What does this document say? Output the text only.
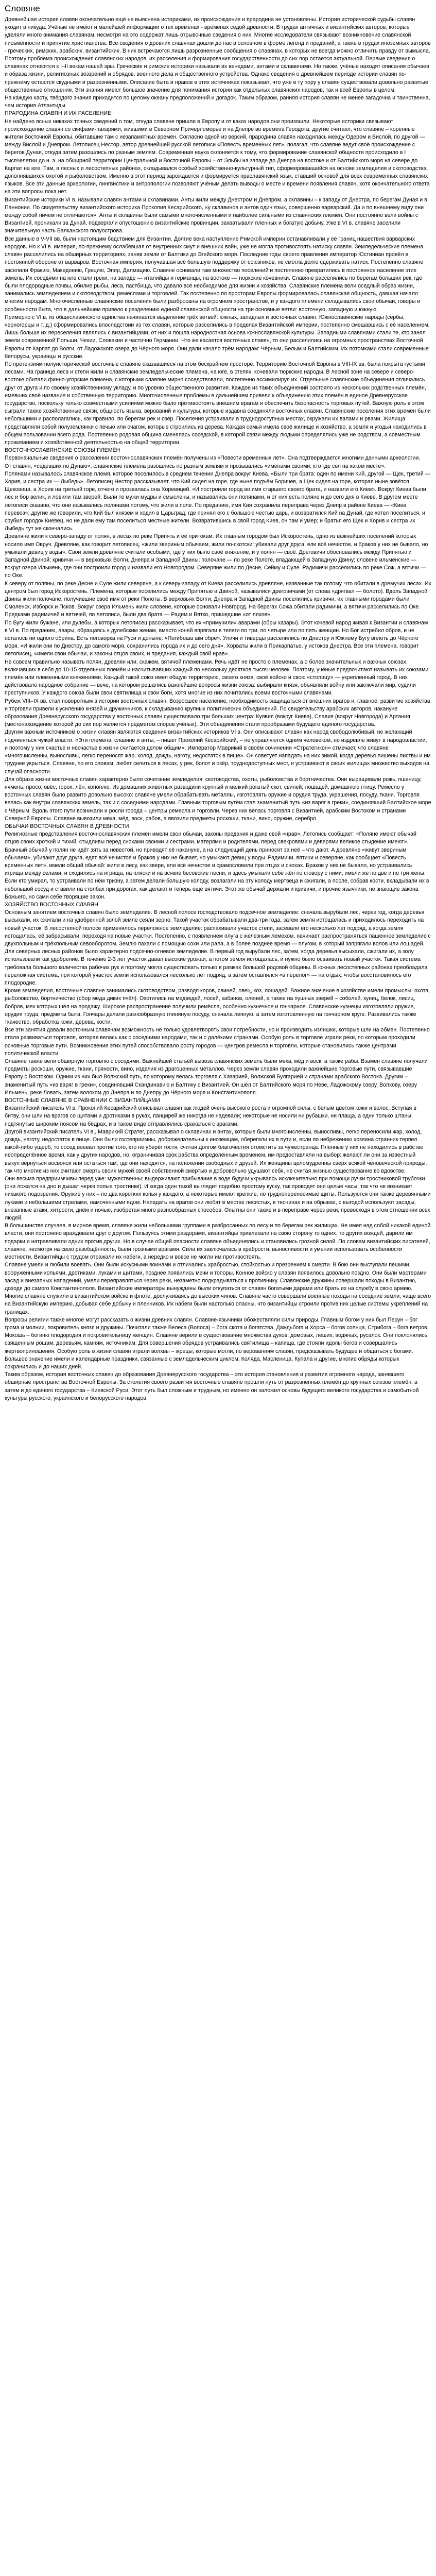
Словяне

Древнейшая история славян окончательно ещё не выяснена историками, их происхождение и прародина не установлены. История исторической судьбы славян уходит в никуда. Учёные не имеют и малейшей информации о тех временах - временах седой древности. В трудах античных и византийских авторов, которые уделяли много внимания славянам, несмотря на это содержат лишь отрывочные сведения о них. Многие исследователи связывают возникновение славянской письменности и принятие христианства. Все сведения о древних славянах дошли до нас в основном в форме легенд и преданий, а также в трудах иноземных авторов - греческих, римских, арабских, византийских. В них встречаются лишь разрозненные сообщения о славянах, в которых не всегда можно отличить правду от вымысла. Поэтому проблема происхождения славянских народов, их расселения и формирования государственности до сих пор остаётся актуальной. Первые сведения о славянах относятся к I–II векам нашей эры. Греческие и римские историки называли их венедами, антами и склавинами. Но также, учёные находят описания обычаев и образа жизни, религиозных воззрений и обрядов, военного дела и общественного устройства. Однако сведения о древнейшем периоде истории славян по-прежнему остаются скудными и разрозненными. Описание быта и нравов в этих источниках показывает, что уже в ту пору у славян существовали довольно развитые общественные отношения. Эти знания имеют большое значение для понимания истории как отдельных славянских народов, так и всей Европы в целом.

На каждую касту, твёрдого знания приходится по целому океану предположений и догадок. Таким образом, ранняя история славян не менее загадочна и таинственна, чем история Атлантиды.

ПРАРОДИНА СЛАВЯН И ИХ РАСЕЛЕНИЕ

Не найдено ясных никаких точных сведений о том, откуда славяне пришли в Европу и от каких народов они произошли. Некоторые историки связывают происхождение славян со скифами-пахарями, жившими в Северном Причерноморье и на Днепре во времена Геродота; другие считают, что славяне – коренные жители Восточной Европы, обитавшие там с незапамятных времён. Согласно одной из версий, прародина славян находилась между Одером и Вислой, по другой — между Вислой и Днепром. Летописец Нестор, автор древнейшей русской летописи «Повесть временных лет», полагал, что славяне ведут своё происхождение с берегов Дуная, откуда затем разошлись по разным землям. Современная наука склоняется к тому, что формирование славянской общности происходило в I тысячелетии до н. э. на обширной территории Центральной и Восточной Европы – от Эльбы на западе до Днепра на востоке и от Балтийского моря на севере до Карпат на юге. Там, в лесных и лесостепных районах, складывался особый хозяйственно-культурный тип, сформировавшийся на основе земледелия и скотоводства, дополнявшихся охотой и рыболовством. Именно в этот период зарождается и формируется праславянский язык, ставший основой для всех современных славянских языков. Все эти данные археологии, лингвистики и антропологии позволяют учёным делать выводы о месте и времени появления славян, хотя окончательного ответа на эти вопросы пока нет.

Византийские историки VI в. называли славян антами и склавинами. Анты жили между Днестром и Днепром, а склавины – к западу от Днестра, по берегам Дуная и в Паннонии. По свидетельству византийского историка Прокопия Кесарийского, «у склавинов и антов один язык, совершенно варварский. Да и по внешнему виду они между собой ничем не отличаются». Анты и склавины были самыми многочисленными и наиболее сильными из славянских племён. Они постоянно вели войны с Византией, проникали за Дунай, подвергали опустошению византийские провинции, захватывали пленных и богатую добычу. Уже в VI в. славяне заселили значительную часть Балканского полуострова.

Все данные в V-VII вв. были настоящим бедствием для Византии. Долгие века наступление Римской империи останавливали у её границ нашествия варварских народов. Но к VI в. империя, по-прежнему ослабевшая от внутренних смут и внешних войн, уже не могла противостоять натиску славян. Земледельческие племена славян расселились на обширных территориях, заняв земли от Балтики до Эгейского моря. Последние годы своего правления император Юстиниан провёл в постоянной обороне от варваров. Восточная империя, получавшая всё большую поддержку от союзников, не смогла долго сдерживать натиск. Постепенно славяне заселили Фракию, Македонию, Грецию, Эпир, Далмацию. Славяне основали там множество поселений и постепенно превратились в постоянное население этих земель. Их соседями на юге стали греки, на западе — италийцы и германцы, на востоке — тюркские кочевники. Славяне расселялись по берегам больших рек, где были плодородные почвы, обилие рыбы, леса, пастбища, что давало всё необходимое для жизни и хозяйства. Славянские племена вели оседлый образ жизни, занимались земледелием и скотоводством, ремёслами и торговлей. Так постепенно по просторам Европы формировалась славянская общность, давшая начало многим народам. Многочисленные славянские поселения были разбросаны на огромном пространстве, и у каждого племени складывались свои обычаи, говоры и особенности быта, что в дальнейшем привело к разделению единой славянской общности на три основные ветви: восточную, западную и южную.

Примерно с VI в. из общеславянского единства начинается выделение трёх ветвей: южных, западных и восточных славян. Южнославянские народы (сербы, черногорцы и т. д.) сформировались впоследствии из тех славян, которые расселились в пределах Византийской империи, постепенно смешавшись с её населением. Лишь больше их переселения являлись с византийцами, от них и пошла народностная основа южнославянской культуры. Западными славянами стали те, кто занял земли современной Польши, Чехии, Словакии и частично Германии. Что же касается восточных славян, то они расселились на огромных пространствах Восточной Европы от Карпат до Волги, от Ладожского озера до Чёрного моря. Они дали начало трём народам: Чёрным, Белым и Балтийским. Их потомками стали современные белорусы, украинцы и русские.

По претензиям полуисторической восточные славяне оказавшиеся на этом бескрайнем просторе. Территорию Восточной Европы в VIII-IX вв. была покрыта густыми лесами. На границе леса и степи жили и славянские земледельческие племена, на юге, в степях, кочевали тюркские народы. В лесной зоне на севере и северо-востоке обитали финно-угорские племена, с которыми славяне мирно соседствовали, постепенно ассимилируя их. Отдельные славянские объединения отличались друг от друга и по своему хозяйственному укладу, и по уровню общественного развития. Каждое из таких объединений состояло из нескольких родственных племён, имевших своё название и собственную территорию. Многочисленные проблемы в дальнейшем привели к объединению этих племён в единое Древнерусское государство, поскольку только совместными усилиями можно было противостоять внешним врагам и обеспечить безопасность торговых путей. Важную роль в этом сыграли также хозяйственные связи, общность языка, верований и культуры, которые издавна соединяли восточных славян. Славянские поселения этих времён были небольшими и располагались, как правило, по берегам рек и озёр. Поселения устраивали в труднодоступных местах, окружали их валами и рвами. Жилища представляли собой полуземлянки с печью или очагом, которые строились из дерева. Каждая семья имела своё жилище и хозяйство, а земля и угодья находились в общем пользовании всего рода. Постепенно родовая община сменялась соседской, в которой связи между людьми определялись уже не родством, а совместным проживанием и хозяйственной деятельностью на общей территории.

ВОСТОЧНОСЛАВЯНСКИЕ СОЮЗЫ ПЛЕМЁН

Первоначальные сведения о расселении восточнославянских племён получены из «Повести временных лет». Она подтверждается многими данными археологии.

От славян, «седевших по Дунаю», славянские племена разошлись по разным землям и прозывались «именами своими, кто где сел на каком месте».

Полянами называлось славянское племя, которое поселилось в среднем течении Днепра вокруг Киева. «Были три брата: один по имени Кий, другой — Щек, третий — Хорив, и сестра их — Лыбедь». Летописец Нестор рассказывает, что Кий сидел на горе, где ныне подъём Боричев, а Щек сидел на горе, которая ныне зовётся Щековица, а Хорив на третьей горе, отчего и прозвалась она Хоревицей. «И построили город во имя старшего своего брата, и назвали его Киев». Вокруг Киева были лес и бор велик, и ловили там зверей. Были те мужи мудры и смыслены, и назывались они полянами, и от них есть поляне и до сего дня в Киеве. В другом месте летописи сказано, что они назывались полянами потому, что жили в поле. По преданию, имя Кия сохранила переправа через Днепр в районе Киева — «Киев перевоз»; другие же говорили, что Кий был князем и ходил в Царьград, где принял его с большою честью царь, и возвратился Кий на Дунай, где хотел поселиться, и срубил городок Киевец, но не дали ему там поселиться местные жители. Возвратившись в свой город Киев, он там и умер; и братья его Щек и Хорив и сестра их Лыбедь тут же скончались.

Древляне жили к северо-западу от полян, в лесах по реке Припять и её притокам. Их главным городом был Искоростень, одно из важнейших поселений которых носило имя Овруч. Древляне, как говорит летописец, «жили звериным обычаем, жили по-скотски: убивали друг друга, ели всё нечистое, и браков у них не бывало, но умыкали девиц у воды». Свои земли древляне считали особыми, где у них было своё княжение, и у полян — своё. Дреговичи обосновались между Припятью и Западной Двиной; кривичи — в верховьях Волги, Днепра и Западной Двины; полочане — по реке Полоте, впадающей в Западную Двину; словене ильменские — вокруг озера Ильмень, где они построили город и назвали его Новгородом. Северяне жили по Десне, Сейму и Суле. Радимичи расселились по реке Сож, а вятичи — по Оке.

К северу от поляны, по реке Десне и Суле жили северяне, а к северу-западу от Киева расселились древляне, названные так потому, что обитали в дремучих лесах. Их центром был город Искоростень. Племена, которые поселились между Припятью и Двиной, называлися дреговичами (от слова «дрягва» — болото). Вдоль Западной Двины жили полочане, получившие своё имя от реки Полоты. В верховьях Волги, Днепра и Западной Двины поселились кривичи, их главными городами были Смоленск, Изборск и Псков. Вокруг озера Ильмень жили словене, которые основали Новгород. На берегах Сожа обитали радимичи, а вятичи расселились по Оке. Предками радимичей и вятичей, по летописи, были два брата — Радим и Вятко, пришедшие «от ляхов».

По Бугу жили бужане, или дулебы, а которых летописец рассказывает, что их «примучили» аварами (обры хазары). Этот кочевой народ живая к Византии и славянам в VI в. По преданию, авары, обращаясь к дулебским женам, вместо коней впрягали в телеги по три, по четыре или по пять женщин. Но Бог истребил обров, и не осталось ни одного обрина. Есть поговорка на Руси и доныне: «Погибоша аки обре». Уличи и тиверцы расселились по Днестру и Южному Бугу вплоть до Чёрного моря. «И жили они по Днестру, до самого моря, сохранились города их и до сего дня». Хорваты жили в Прикарпатье, у истоков Днестра. Все эти племена, говорит летописец, «имели свои обычаи, и законы отцов своих, и предания, каждый свой нрав».

Не совсем правильно называть полян, древлян или, скажем, вятичей племенами. Речь идёт не просто о племенах, а о более значительных и важных союзах, включавших в себя до 10-15 отдельных племён и насчитывавших каждый по нескольку десятков тысяч человек. Поэтому, учёные предпочитают называть их союзами племён или племенными княжениями. Каждый такой союз имел общую территорию, своего князя, своё войско и свою «столицу» — укреплённый город. В них действовало народное собрание — вече, на котором решались важнейшие вопросы жизни союза: выбирали князя, объявляли войну или заключали мир, судили преступников. У каждого союза были свои святилища и свои боги, хотя многие из них почитались всеми восточными славянами.

Рубеж VIII–IX вв. стал поворотным в истории восточных славян. Возросшее население, необходимость защищаться от внешних врагов и, главное, развитие хозяйства и торговли привели к усилению князей и дружинников, к складыванию крупных политических объединений. По свидетельству арабских авторов, накануне образования Древнерусского государства у восточных славян существовало три больших центра: Куявия (вокруг Киева), Славия (вокруг Новгорода) и Артания (местонахождение которой до сих пор является предметом споров учёных). Эти объединения стали прообразами будущего единого государства.

Другим важным источником о жизни славян являются сведения византийских историков VI в. Они описывают славян как народ свободолюбивый, не желающий подчиняться чужой власти. «Эти племена, славяне и анты, – пишет Прокопий Кесарийский, – не управляются одним человеком, но издревле живут в народовластии, и поэтому у них счастье и несчастье в жизни считается делом общим». Император Маврикий в своём сочинении «Стратегикон» отмечает, что славяне «многочисленны, выносливы, легко переносят жар, холод, дождь, наготу, недостаток в пище». Он советует нападать на них зимой, когда деревья лишены листвы и им труднее укрыться. Славяне, по его словам, любят селиться в лесах, у рек, болот и озёр, труднодоступных мест, и устраивают в своих жилищах множество выходов на случай опасности.

Для образа жизни восточных славян характерно было сочетание земледелия, скотоводства, охоты, рыболовства и бортничества. Они выращивали рожь, пшеницу, ячмень, просо, овёс, горох, лён, коноплю. Из домашних животных разводили крупный и мелкий рогатый скот, свиней, лошадей, домашнюю птицу. Ремесло у восточных славян было развито довольно высоко: славяне умели обрабатывать металлы, изготовлять оружие и орудия труда, украшения, посуду, ткани. Торговля велась как внутри славянских земель, так и с соседними народами. Главным торговым путём стал знаменитый путь «из варяг в греки», соединявший Балтийское море с Чёрным. Вдоль этого пути возникали и росли города – центры ремесла и торговли. Через них велась торговля с Византией, арабским Востоком и странами Северной Европы. Славяне вывозили меха, мёд, воск, рабов, а ввозили предметы роскоши, ткани, вино, оружие, серебро.

ОБЫЧАИ ВОСТОЧНЫХ СЛАВЯН В ДРЕВНОСТИ

Религиозные представления восточнославянских племён имели свои обычаи, законы предания и даже свой «нрав». Летопись сообщает: «Поляне имеют обычай отцов своих кроткий и тихий, стыдливы перед снохами своими и сестрами, матерями и родителями, перед свекровями и деверями великое стыдение имеют». Брачный обычай у полян не идёт зять за невестой, но приводят её накануне, а на следующий день приносят за неё – что дают. А древляне «живут звериным обычаем», убивают друг друга, едят всё нечистое и браков у них не бывает, но умыкают девиц у воды. Радимичи, вятичи и северяне, как сообщает «Повесть временных лет», имели общий обычай: жили в лесу, как звери, ели всё нечистое и срамословили при отцах и снохах. Браков у них не бывало, но устраивались игрища между селами, и сходились на игрища, на пляски и на всякие бесовские песни, и здесь умыкали себе жён по сговору с ними; имели же по две и по три жены. Если кто умирал, то устраивали по нём тризну, а затем делали большую колоду, возлагали на эту колоду мертвеца и сжигали, а после, собрав кости, вкладывали их в небольшой сосуд и ставили на столбах при дорогах, как делают и теперь ещё вятичи. Этот же обычай держали и кривичи, и прочие язычники, не знающие закона Божьего, но сами себе творящие закон.

ХОЗЯЙСТВО ВОСТОЧНЫХ СЛАВЯН

Основным занятием восточных славян было земледелие. В лесной полосе господствовало подсечное земледелие: сначала вырубали лес, через год, когда деревья высыхали, их сжигали и на удобренной золой земле сеяли зерно. Такой участок обрабатывали два-три года, затем земля истощалась и приходилось переходить на новый участок. В лесостепной полосе применялось переложное земледелие: распахивали участок степи, засевали его несколько лет подряд, а когда земля истощалась, её забрасывали, переходя на новые участки. Постепенно, с появлением плуга с железным лемехом, начинает распространяться пашенное земледелие с двухпольным и трёхпольным севооборотом. Землю пахали с помощью сохи или рала, а в более позднее время — плугом, в который запрягали волов или лошадей.

Для северных лесных районов было характерно подсечно-огневое земледелие. В первый год вырубали лес, затем, когда деревья высыхали, сжигали их, а золу использовали как удобрение. В течение 2-3 лет участок давал высокие урожаи, а потом земля истощалась, и нужно было осваивать новый участок. Такая система требовала большого количества рабочих рук и поэтому могла существовать только в рамках большой родовой общины. В южных лесостепных районах преобладала переложная система, при которой участок земли использовался несколько лет подряд, а затем оставлялся «в перелог» — на отдых, чтобы восстановилось его плодородие.

Кроме земледелия, восточные славяне занимались скотоводством, разводя коров, свиней, овец, коз, лошадей. Важное значение в хозяйстве имели промыслы: охота, рыболовство, бортничество (сбор мёда диких пчёл). Охотились на медведей, лосей, кабанов, оленей, а также на пушных зверей – соболей, куниц, белок, лисиц, бобров, мех которых шёл на продажу. Широкое распространение получили ремёсла, особенно кузнечное и гончарное. Славянские кузнецы изготовляли оружие, орудия труда, предметы быта. Гончары делали разнообразную глиняную посуду, сначала лепную, а затем изготовленную на гончарном круге. Развивались также ткачество, обработка кожи, дерева, кости.

Все эти занятия давали восточным славянам возможность не только удовлетворять свои потребности, но и производить излишки, которые шли на обмен. Постепенно стала развиваться торговля, которая велась как с соседними народами, так и с далёкими странами. Особую роль в торговле играли реки, по которым проходили основные торговые пути. Возникновение этих путей способствовало росту городов — центров ремесла и торговли, которые становились также центрами политической власти.

Славяне также вели обширную торговлю с соседями. Важнейшей статьёй вывоза славянских земель были меха, мёд и воск, а также рабы. Взамен славяне получали предметы роскоши, оружие, ткани, пряности, вино, изделия из драгоценных металлов. Через земли славян проходили важнейшие торговые пути, связывавшие Европу с Востоком. Одним из них был Волжский путь, по которому велась торговля с Хазарией, Волжской Булгарией и странами арабского Востока. Другим – знаменитый путь «из варяг в греки», соединявший Скандинавию и Балтику с Византией. Он шёл от Балтийского моря по Неве, Ладожскому озеру, Волхову, озеру Ильмень, реке Ловать, затем волоком до Днепра и по Днепру до Чёрного моря и Константинополя.

ВОСТОЧНЫЕ СЛАВЯНЕ В СРАВНЕНИИ С ВИЗАНТИЙЦАМИ

Византийский писатель VI в. Прокопий Кесарийский описывал славян как людей очень высокого роста и огромной силы, с белым цветом кожи и волос. Вступая в битву, они шли на врагов со щитами и дротиками в руках, панцирей же никогда не надевали; некоторые не носили ни рубашки, ни плаща, а одни только штаны, подтянутые широким поясом на бёдрах, и в таком виде отправлялись сражаться с врагами.

Другой византийский писатель VI в., Маврикий Стратег, рассказывал о склавинах и антах, которые были многочисленны, выносливы, легко переносили жар, холод, дождь, наготу, недостаток в пище. Они были гостеприимны, доброжелательны к иноземцам, оберегали их в пути и, если по небрежению хозяина странник терпел какой-либо ущерб, то сосед воевал против того, кто не уберёг гостя, считая долгом благочестия отомстить за чужестранца. Пленные у них не находились в рабстве неопределённое время, как у других народов, но, ограничивая срок рабства определённым временем, им предоставляли на выбор: желают ли они за известный выкуп вернуться восвояси или остаться там, где они находятся, на положении свободных и друзей. Их женщины целомудренны сверх всякой человеческой природы, так что многие из них считают смерть своих мужей своей собственной смертью и добровольно удушают себя, не считая жизнью существование во вдовстве.

Они весьма предприимчивы перед уже: мужественны: выдерживают прибывание в воде будучи укрываясь исключительно при помощи ручки тростниковой трубочки (они ложатся на дно и дышат через полые тростинки). И когда один такой выглядит подобно простому куску, так проводят они целые часы, так что не возникает никакого подозрения. Оружие у них – по два коротких копья у каждого, а некоторые имеют крепкие, но труднопереносимые щиты. Пользуются они также деревянными луками и небольшими стрелами, намоченными ядом. Нападать на врагов они любят в местах лесистых, в теснинах и на обрывах, с выгодой используют засады, внезапные атаки, хитрости, днём и ночью, изобретая много разнообразных способов. Опытны они также и в переправе через реки, превосходя в этом отношении всех людей.

В большинстве случаев, в мирное время, славяне жили небольшими группами в разбросанных по лесу и по берегам рек жилищах. Не имея над собой никакой единой власти, они постоянно враждовали друг с другом. Пользуясь этими раздорами, византийцы привлекали на свою сторону то одних, то других вождей, дарили им подарки и натравливали одних против других. Но в случае общей опасности славяне объединялись и становились грозной силой. По словам византийских писателей, славяне, несмотря на свою разобщённость, были грозными врагами. Сила их заключалась в храбрости, выносливости и умении использовать особенности местности. Византийцы с трудом отражали их набеги, а нередко и вовсе не могли им противостоять.

Славяне умели и любили воевать. Они были искусными воинами и отличались храбростью, стойкостью и презрением к смерти. В бою они выступали пешими, вооружёнными копьями, дротиками, луками и щитами, позднее появились мечи и топоры. Конное войско у славян появилось довольно поздно. Они были мастерами засад и внезапных нападений, умели переправляться через реки, незаметно подкрадываться к противнику. Славянские дружины совершали походы в Византию, доходя до самого Константинополя. Византийские императоры вынуждены были откупаться от славян богатыми дарами или брать их на службу в свою армию. Многие славяне служили в византийском войске и флоте, дослуживаясь до высоких чинов. Славяне часто совершали военные походы на соседние земли, чаще всего на Византийскую империю, добывая себе добычу и пленников. Их набеги были настолько опасны, что византийцы строили против них целые системы укреплений на границах.

Вопросы религии также многое могут рассказать о жизни древних славян. Славяне-язычники обожествляли силы природы. Главным богом у них был Перун – бог грома и молнии, покровитель князя и дружины. Почитали также Велеса (Волоса) – бога скота и богатства, Даждьбога и Хорса – богов солнца, Стрибога – бога ветров, Мокошь – богиню плодородия и покровительницу женщин. Славяне верили в существование множества духов: домовых, леших, водяных, русалок. Они поклонялись священным рощам, деревьям, камням, источникам. Для совершения обрядов устраивались святилища – капища, где стояли идолы богов и совершались жертвоприношения. Особую роль в жизни славян играли волхвы – жрецы, которые могли, по верованиям славян, предсказывать будущее и общаться с богами. Большое значение имели и календарные праздники, связанные с земледельческим циклом: Коляда, Масленица, Купала и другие, многие обряды которых сохранились и до наших дней.

Таким образом, история восточных славян до образования Древнерусского государства – это история становления и развития огромного народа, занявшего обширные пространства Восточной Европы. За столетия своего развития восточные славяне прошли путь от разрозненных племён до крупных союзов племён, а затем и до единого государства – Киевской Руси. Этот путь был сложным и трудным, но именно он заложил основы будущего великого государства и самобытной культуры русского, украинского и белорусского народов.
